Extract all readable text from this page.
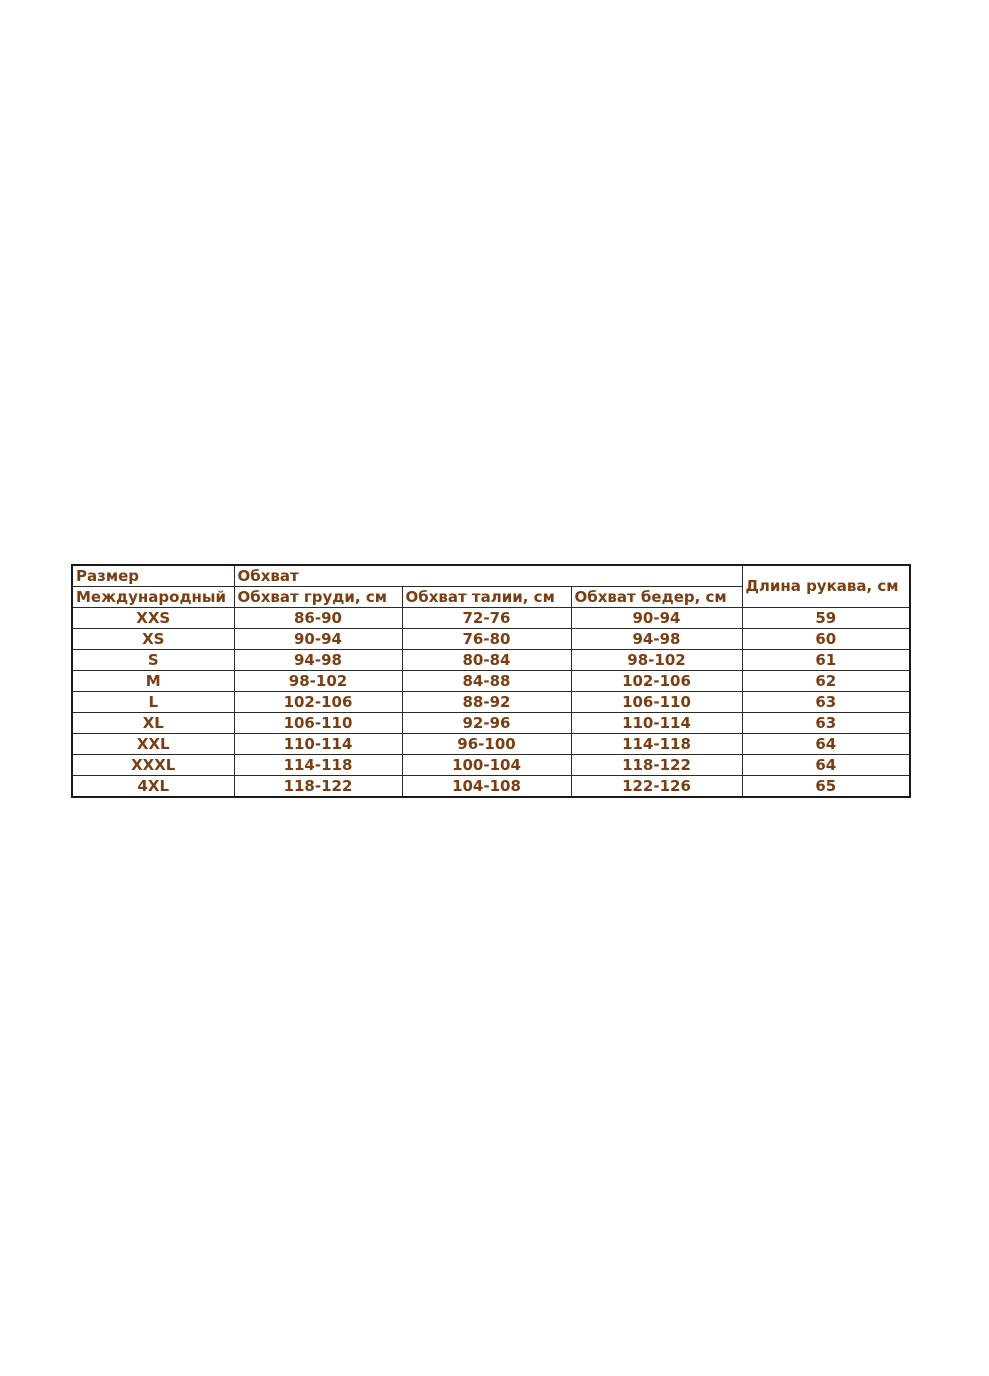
Размер	Обхват			Длина рукава, см
Международный	Обхват груди, см	Обхват талии, см	Обхват бедер, см	
XXS	86-90	72-76	90-94	59
XS	90-94	76-80	94-98	60
S	94-98	80-84	98-102	61
M	98-102	84-88	102-106	62
L	102-106	88-92	106-110	63
XL	106-110	92-96	110-114	63
XXL	110-114	96-100	114-118	64
XXXL	114-118	100-104	118-122	64
4XL	118-122	104-108	122-126	65
